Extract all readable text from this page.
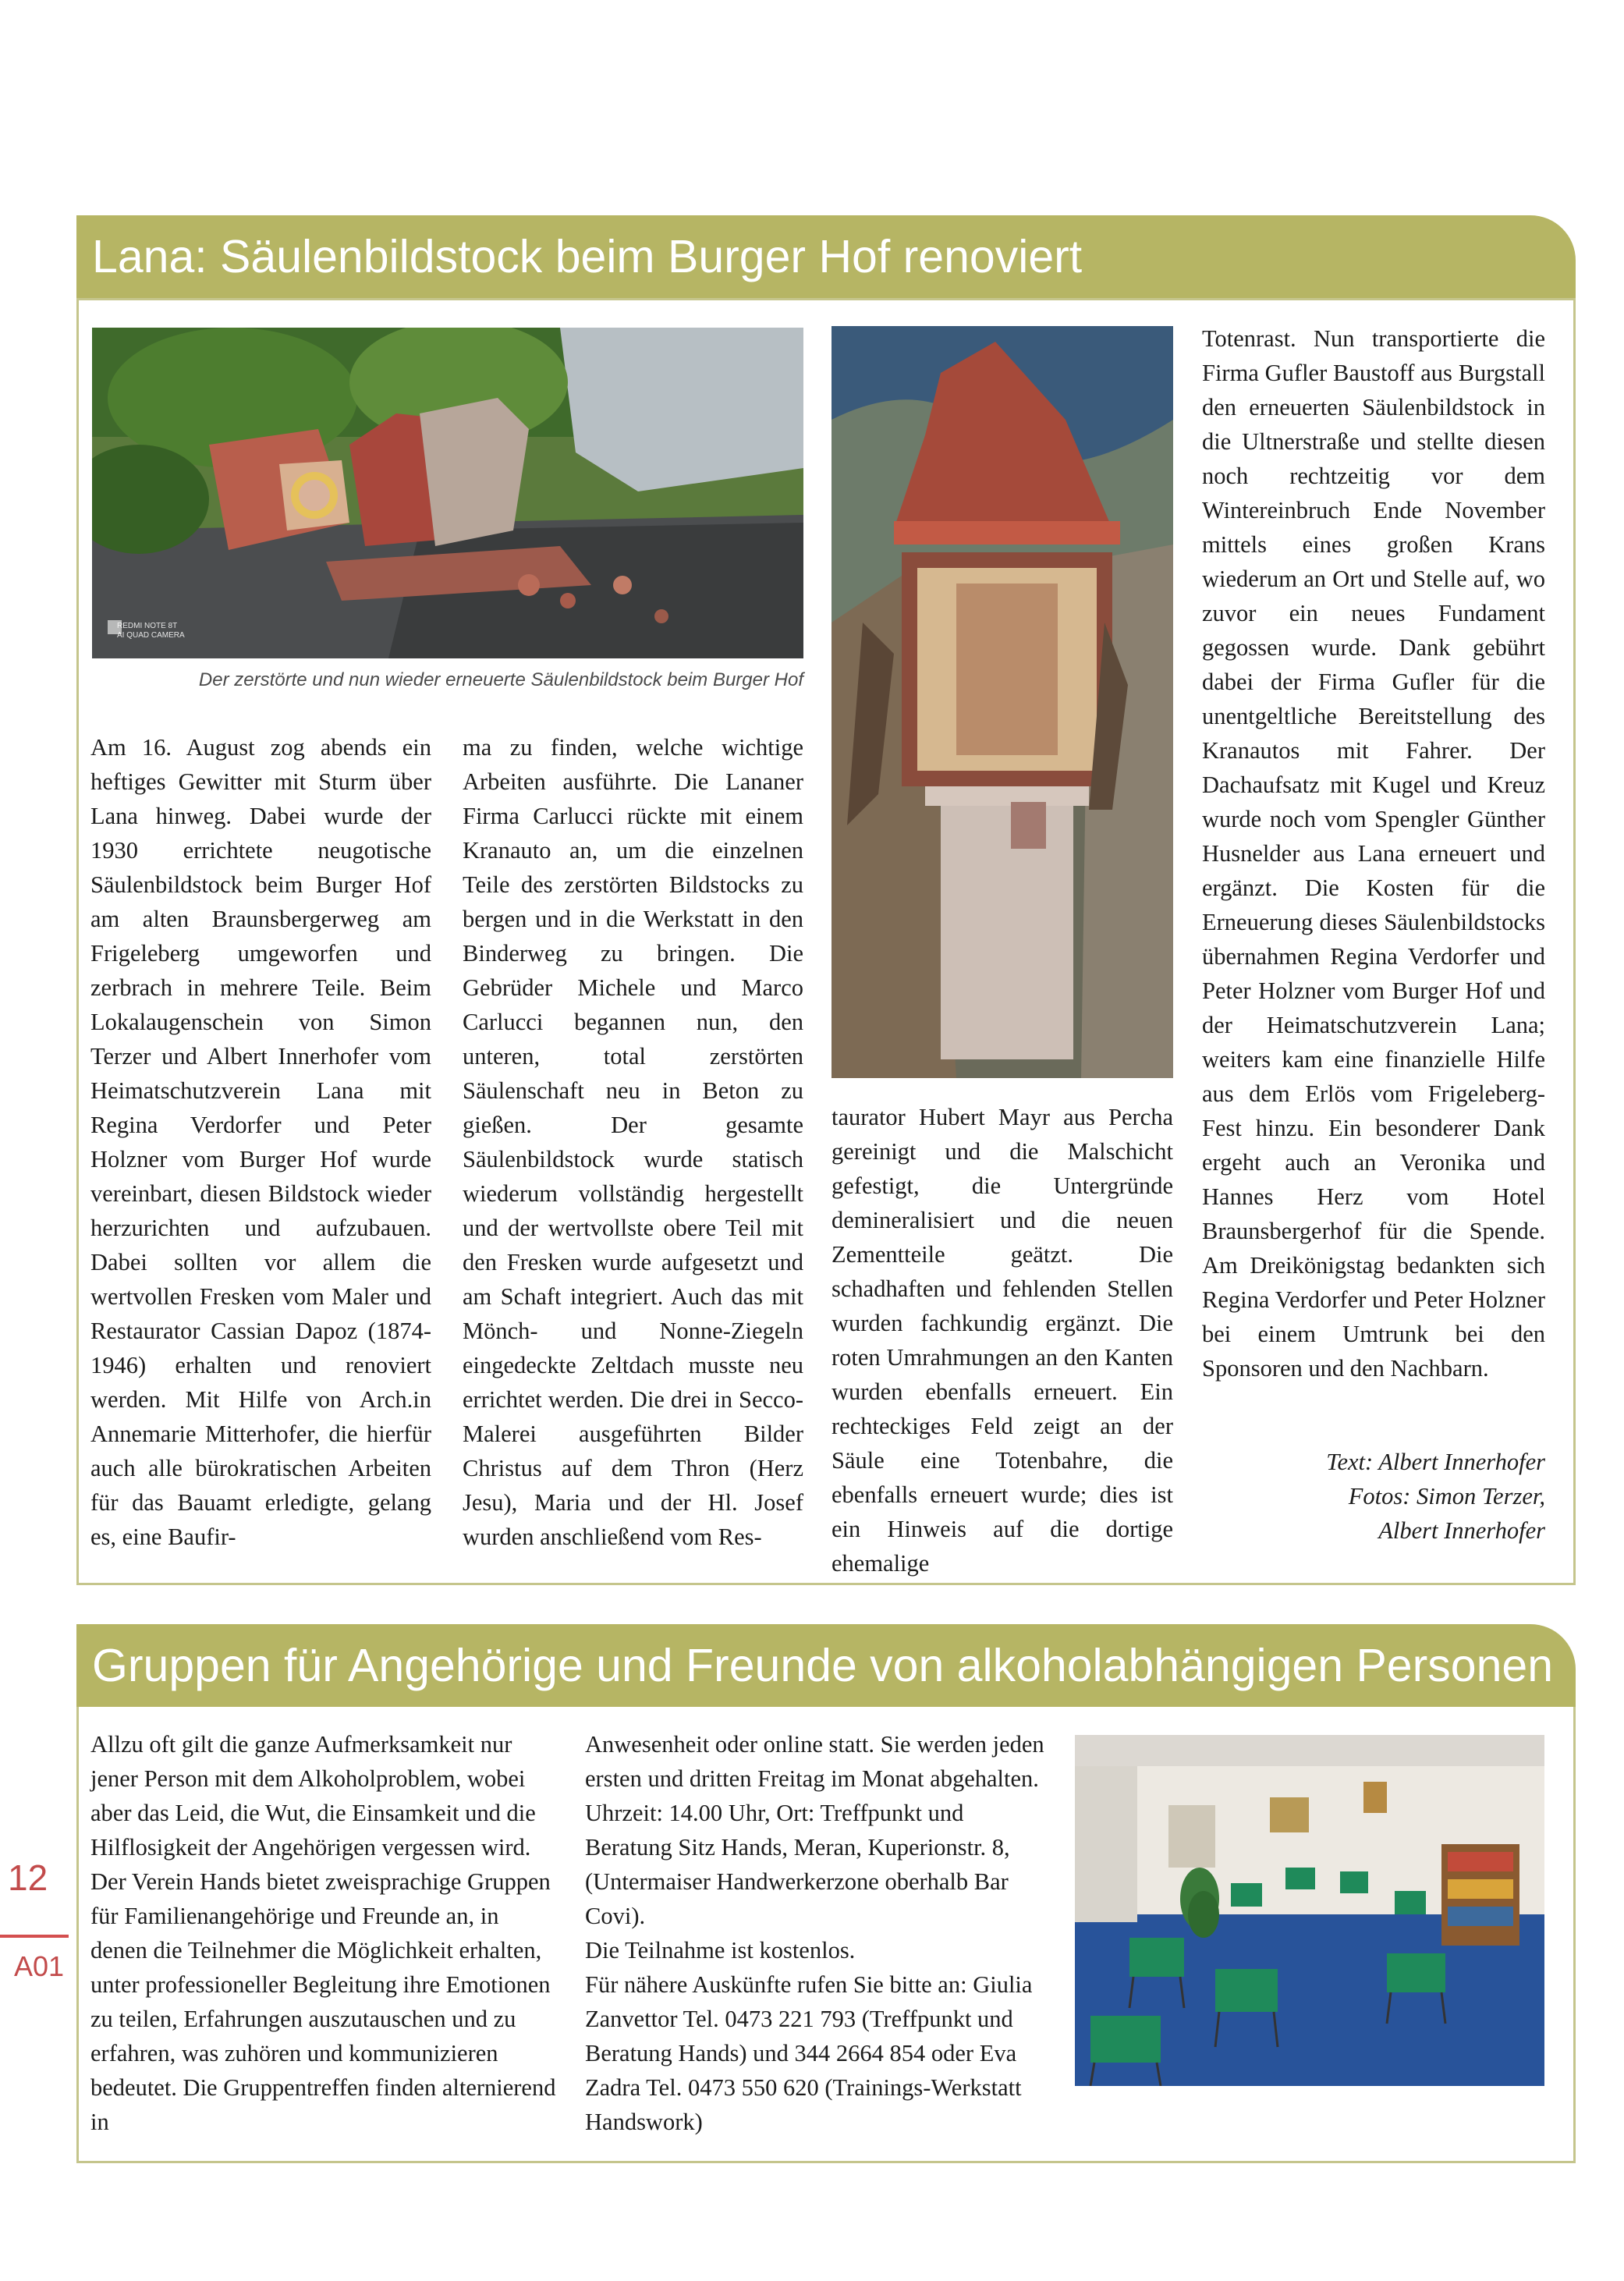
Lana: Säulenbildstock beim Burger Hof renoviert
REDMI NOTE 8T
AI QUAD CAMERA
Der zerstörte und nun wieder erneuerte Säulenbildstock beim Burger Hof

Am 16. August zog abends ein heftiges Gewitter mit Sturm über Lana hinweg. Dabei wurde der 1930 errichtete neugotische Säulenbildstock beim Burger Hof am alten Braunsbergerweg am Frigeleberg umgeworfen und zerbrach in mehrere Teile. Beim Lokalaugenschein von Simon Terzer und Albert Innerhofer vom Heimatschutzverein Lana mit Regina Verdorfer und Peter Holzner vom Burger Hof wurde vereinbart, diesen Bildstock wieder herzurichten und aufzubauen. Dabei sollten vor allem die wertvollen Fresken vom Maler und Restaurator Cassian Dapoz (1874-1946) erhalten und renoviert werden. Mit Hilfe von Arch.in Annemarie Mitterhofer, die hierfür auch alle bürokratischen Arbeiten für das Bauamt erledigte, gelang es, eine Baufir-

ma zu finden, welche wichtige Arbeiten ausführte. Die Lananer Firma Carlucci rückte mit einem Kranauto an, um die einzelnen Teile des zerstörten Bildstocks zu bergen und in die Werkstatt in den Binderweg zu bringen. Die Gebrüder Michele und Marco Carlucci begannen nun, den unteren, total zerstörten Säulenschaft neu in Beton zu gießen. Der gesamte Säulenbildstock wurde statisch wiederum vollständig hergestellt und der wertvollste obere Teil mit den Fresken wurde aufgesetzt und am Schaft integriert. Auch das mit Mönch- und Nonne-Ziegeln eingedeckte Zeltdach musste neu errichtet werden. Die drei in Secco-Malerei ausgeführten Bilder Christus auf dem Thron (Herz Jesu), Maria und der Hl. Josef wurden anschließend vom Res-

taurator Hubert Mayr aus Percha gereinigt und die Malschicht gefestigt, die Untergründe demineralisiert und die neuen Zementteile geätzt. Die schadhaften und fehlenden Stellen wurden fachkundig ergänzt. Die roten Umrahmungen an den Kanten wurden ebenfalls erneuert. Ein rechteckiges Feld zeigt an der Säule eine Totenbahre, die ebenfalls erneuert wurde; dies ist ein Hinweis auf die dortige ehemalige

Totenrast. Nun transportierte die Firma Gufler Baustoff aus Burgstall den erneuerten Säulenbildstock in die Ultnerstraße und stellte diesen noch rechtzeitig vor dem Wintereinbruch Ende November mittels eines großen Krans wiederum an Ort und Stelle auf, wo zuvor ein neues Fundament gegossen wurde. Dank gebührt dabei der Firma Gufler für die unentgeltliche Bereitstellung des Kranautos mit Fahrer. Der Dachaufsatz mit Kugel und Kreuz wurde noch vom Spengler Günther Husnelder aus Lana erneuert und ergänzt. Die Kosten für die Erneuerung dieses Säulenbildstocks übernahmen Regina Verdorfer und Peter Holzner vom Burger Hof und der Heimatschutzverein Lana; weiters kam eine finanzielle Hilfe aus dem Erlös vom Frigeleberg-Fest hinzu. Ein besonderer Dank ergeht auch an Veronika und Hannes Herz vom Hotel Braunsbergerhof für die Spende. Am Dreikönigstag bedankten sich Regina Verdorfer und Peter Holzner bei einem Umtrunk bei den Sponsoren und den Nachbarn.

Text: Albert Innerhofer
Fotos: Simon Terzer,
Albert Innerhofer
Gruppen für Angehörige und Freunde von alkoholabhängigen Personen

Allzu oft gilt die ganze Aufmerksamkeit nur jener Person mit dem Alkoholproblem, wobei aber das Leid, die Wut, die Einsamkeit und die Hilflosigkeit der Angehörigen vergessen wird. Der Verein Hands bietet zweisprachige Gruppen für Familienangehörige und Freunde an, in denen die Teilnehmer die Möglichkeit erhalten, unter professioneller Begleitung ihre Emotionen zu teilen, Erfahrungen auszutauschen und zu erfahren, was zuhören und kommunizieren bedeutet. Die Gruppentreffen finden alternierend in

Anwesenheit oder online statt. Sie werden jeden ersten und dritten Freitag im Monat abgehalten. Uhrzeit: 14.00 Uhr, Ort: Treffpunkt und Beratung Sitz Hands, Meran, Kuperionstr. 8, (Untermaiser Handwerkerzone oberhalb Bar Covi).

Die Teilnahme ist kostenlos.

Für nähere Auskünfte rufen Sie bitte an: Giulia Zanvettor Tel. 0473 221 793 (Treffpunkt und Beratung Hands) und 344 2664 854 oder Eva Zadra Tel. 0473 550 620 (Trainings-Werkstatt Handswork)

12
A01
